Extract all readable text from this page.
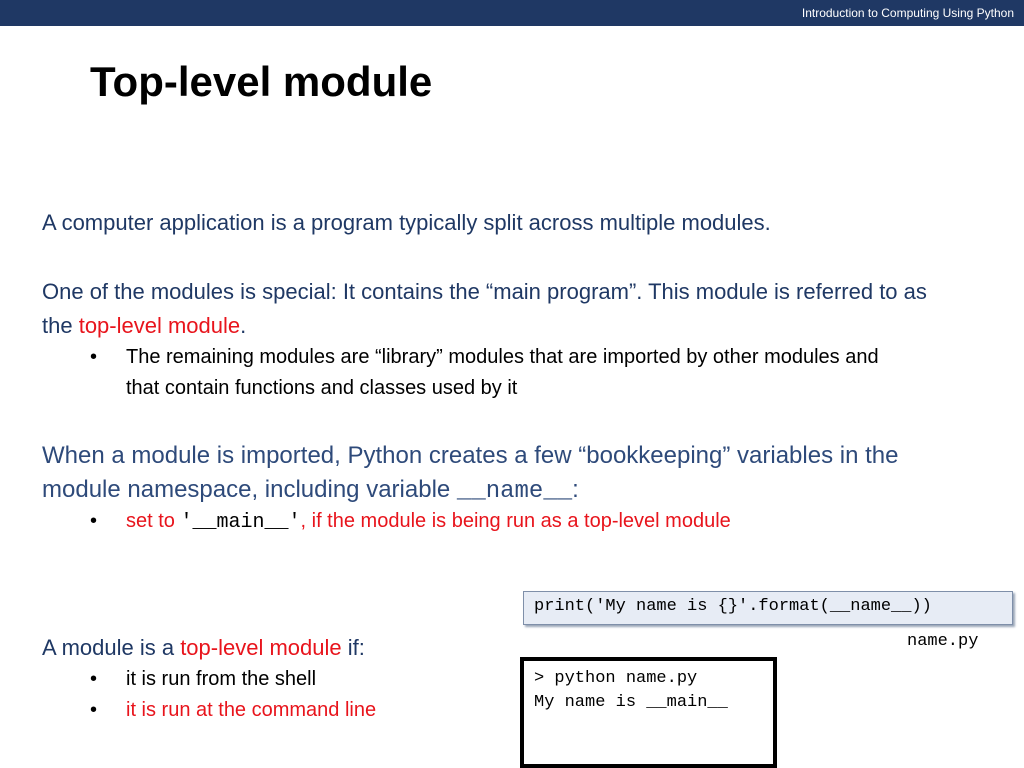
Introduction to Computing Using Python
Top-level module
A computer application is a program typically split across multiple modules.
One of the modules is special: It contains the “main program”. This module is referred to as the top-level module.
•	The remaining modules are “library” modules that are imported by other modules and that contain functions and classes used by it
When a module is imported, Python creates a few “bookkeeping” variables in the module namespace, including variable __name__:
•	set to '__main__', if the module is being run as a top-level module
A module is a top-level module if:
•	it is run from the shell
•	it is run at the command line
print('My name is {}'.format(__name__))
name.py
> python name.py
My name is __main__
